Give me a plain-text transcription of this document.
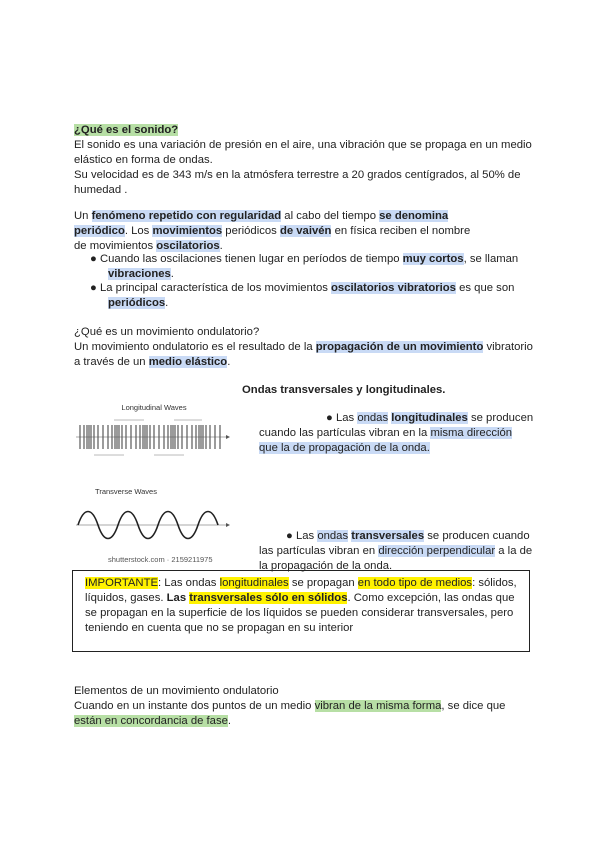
¿Qué es el sonido?
El sonido es una variación de presión en el aire, una vibración que se propaga en un medio
elástico en forma de ondas.
Su velocidad es de 343 m/s en la atmósfera terrestre a 20 grados centígrados, al 50% de
humedad .
Un fenómeno repetido con regularidad al cabo del tiempo se denomina
periódico. Los movimientos periódicos de vaivén en física reciben el nombre
de movimientos oscilatorios.
● Cuando las oscilaciones tienen lugar en períodos de tiempo muy cortos, se llaman
vibraciones.
● La principal característica de los movimientos oscilatorios vibratorios es que son
periódicos.
¿Qué es un movimiento ondulatorio?
Un movimiento ondulatorio es el resultado de la propagación de un movimiento vibratorio
a través de un medio elástico.
Ondas transversales y longitudinales.
Longitudinal Waves
● Las ondas longitudinales se producen
cuando las partículas vibran en la misma dirección
que la de propagación de la onda.
Transverse Waves
shutterstock.com · 2159211975
● Las ondas transversales se producen cuando
las partículas vibran en dirección perpendicular a la de
la propagación de la onda.
IMPORTANTE: Las ondas longitudinales se propagan en todo tipo de medios: sólidos,
líquidos, gases. Las transversales sólo en sólidos. Como excepción, las ondas que
se propagan en la superficie de los líquidos se pueden considerar transversales, pero
teniendo en cuenta que no se propagan en su interior
Elementos de un movimiento ondulatorio
Cuando en un instante dos puntos de un medio vibran de la misma forma, se dice que
están en concordancia de fase.
